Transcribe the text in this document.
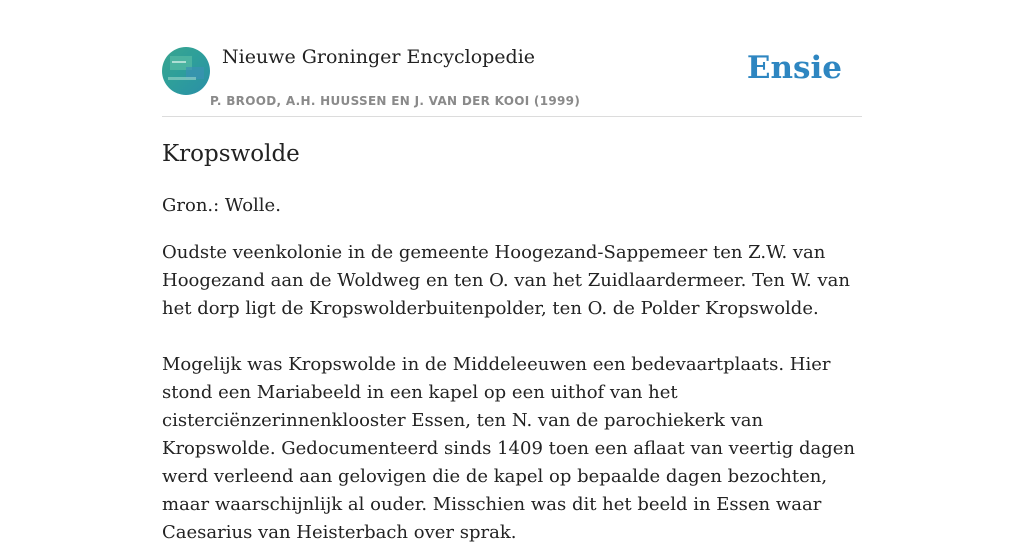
Nieuwe Groninger Encyclopedie
P. BROOD, A.H. HUUSSEN EN J. VAN DER KOOI (1999)
Ensie
Kropswolde

Gron.: Wolle.

Oudste veenkolonie in de gemeente Hoogezand-Sappemeer ten Z.W. van Hoogezand aan de Woldweg en ten O. van het Zuidlaardermeer. Ten W. van het dorp ligt de Kropswolderbuitenpolder, ten O. de Polder Kropswolde.

Mogelijk was Kropswolde in de Middeleeuwen een bedevaartplaats. Hier stond een Mariabeeld in een kapel op een uithof van het cisterciënzerinnenklooster Essen, ten N. van de parochiekerk van Kropswolde. Gedocumenteerd sinds 1409 toen een aflaat van veertig dagen werd verleend aan gelovigen die de kapel op bepaalde dagen bezochten, maar waarschijnlijk al ouder. Misschien was dit het beeld in Essen waar Caesarius van Heisterbach over sprak.
